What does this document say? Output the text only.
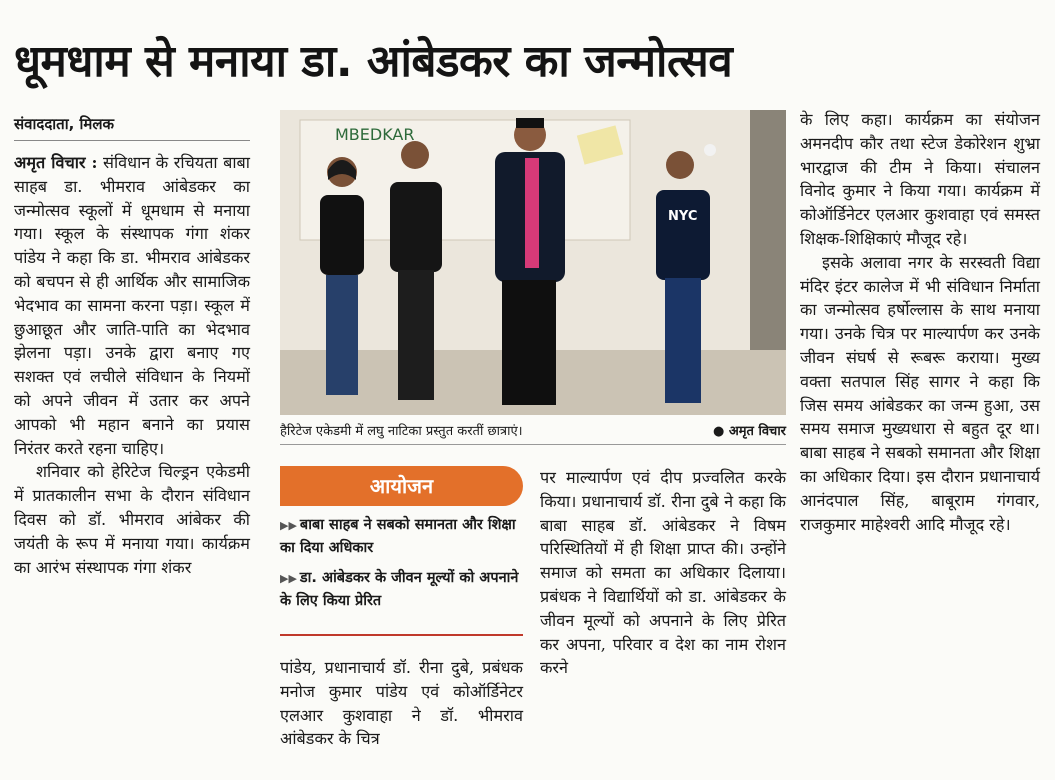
धूमधाम से मनाया डा. आंबेडकर का जन्मोत्सव
संवाददाता, मिलक

अमृत विचार : संविधान के रचियता बाबा साहब डा. भीमराव आंबेडकर का जन्मोत्सव स्कूलों में धूमधाम से मनाया गया। स्कूल के संस्थापक गंगा शंकर पांडेय ने कहा कि डा. भीमराव आंबेडकर को बचपन से ही आर्थिक और सामाजिक भेदभाव का सामना करना पड़ा। स्कूल में छुआछूत और जाति-पाति का भेदभाव झेलना पड़ा। उनके द्वारा बनाए गए सशक्त एवं लचीले संविधान के नियमों को अपने जीवन में उतार कर अपने आपको भी महान बनाने का प्रयास निरंतर करते रहना चाहिए।

शनिवार को हेरिटेज चिल्ड्रन एकेडमी में प्रातकालीन सभा के दौरान संविधान दिवस को डॉ. भीमराव आंबेकर की जयंती के रूप में मनाया गया। कार्यक्रम का आरंभ संस्थापक गंगा शंकर

MBEDKAR
NYC
हैरिटेज एकेडमी में लघु नाटिका प्रस्तुत करतीं छात्राएं।	● अमृत विचार
आयोजन
▶▶ बाबा साहब ने सबको समानता और शिक्षा का दिया अधिकार
▶▶ डा. आंबेडकर के जीवन मूल्यों को अपनाने के लिए किया प्रेरित

पांडेय, प्रधानाचार्य डॉ. रीना दुबे, प्रबंधक मनोज कुमार पांडेय एवं कोऑर्डिनेटर एलआर कुशवाहा ने डॉ. भीमराव आंबेडकर के चित्र

पर माल्यार्पण एवं दीप प्रज्वलित करके किया। प्रधानाचार्य डॉ. रीना दुबे ने कहा कि बाबा साहब डॉ. आंबेडकर ने विषम परिस्थितियों में ही शिक्षा प्राप्त की। उन्होंने समाज को समता का अधिकार दिलाया। प्रबंधक ने विद्यार्थियों को डा. आंबेडकर के जीवन मूल्यों को अपनाने के लिए प्रेरित कर अपना, परिवार व देश का नाम रोशन करने

के लिए कहा। कार्यक्रम का संयोजन अमनदीप कौर तथा स्टेज डेकोरेशन शुभ्रा भारद्वाज की टीम ने किया। संचालन विनोद कुमार ने किया गया। कार्यक्रम में कोऑर्डिनेटर एलआर कुशवाहा एवं समस्त शिक्षक-शिक्षिकाएं मौजूद रहे।

इसके अलावा नगर के सरस्वती विद्या मंदिर इंटर कालेज में भी संविधान निर्माता का जन्मोत्सव हर्षोल्लास के साथ मनाया गया। उनके चित्र पर माल्यार्पण कर उनके जीवन संघर्ष से रूबरू कराया। मुख्य वक्ता सतपाल सिंह सागर ने कहा कि जिस समय आंबेडकर का जन्म हुआ, उस समय समाज मुख्यधारा से बहुत दूर था। बाबा साहब ने सबको समानता और शिक्षा का अधिकार दिया। इस दौरान प्रधानाचार्य आनंदपाल सिंह, बाबूराम गंगवार, राजकुमार माहेश्वरी आदि मौजूद रहे।
